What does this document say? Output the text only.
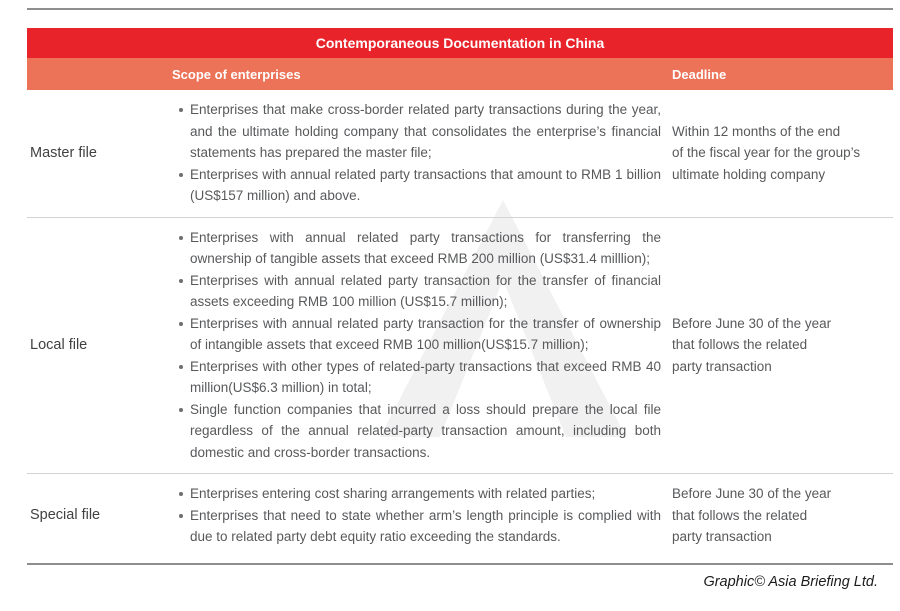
Contemporaneous Documentation in China
Scope of enterprises	Deadline
Master file
Enterprises that make cross-border related party transactions during the year, and the ultimate holding company that consolidates the enterprise’s financial statements has prepared the master file;
Enterprises with annual related party transactions that amount to RMB 1 billion (US$157 million) and above.
Within 12 months of the end
of the fiscal year for the group’s
ultimate holding company
Local file
Enterprises with annual related party transactions for transferring the ownership of tangible assets that exceed RMB 200 million (US$31.4 milllion);
Enterprises with annual related party transaction for the transfer of financial assets exceeding RMB 100 million (US$15.7 million);
Enterprises with annual related party transaction for the transfer of ownership of intangible assets that exceed RMB 100 million(US$15.7 million);
Enterprises with other types of related-party transactions that exceed RMB 40 million(US$6.3 million) in total;
Single function companies that incurred a loss should prepare the local file regardless of the annual related-party transaction amount, including both domestic and cross-border transactions.
Before June 30 of the year
that follows the related
party transaction
Special file
Enterprises entering cost sharing arrangements with related parties;
Enterprises that need to state whether arm’s length principle is complied with due to related party debt equity ratio exceeding the standards.
Before June 30 of the year
that follows the related
party transaction
Graphic© Asia Briefing Ltd.
